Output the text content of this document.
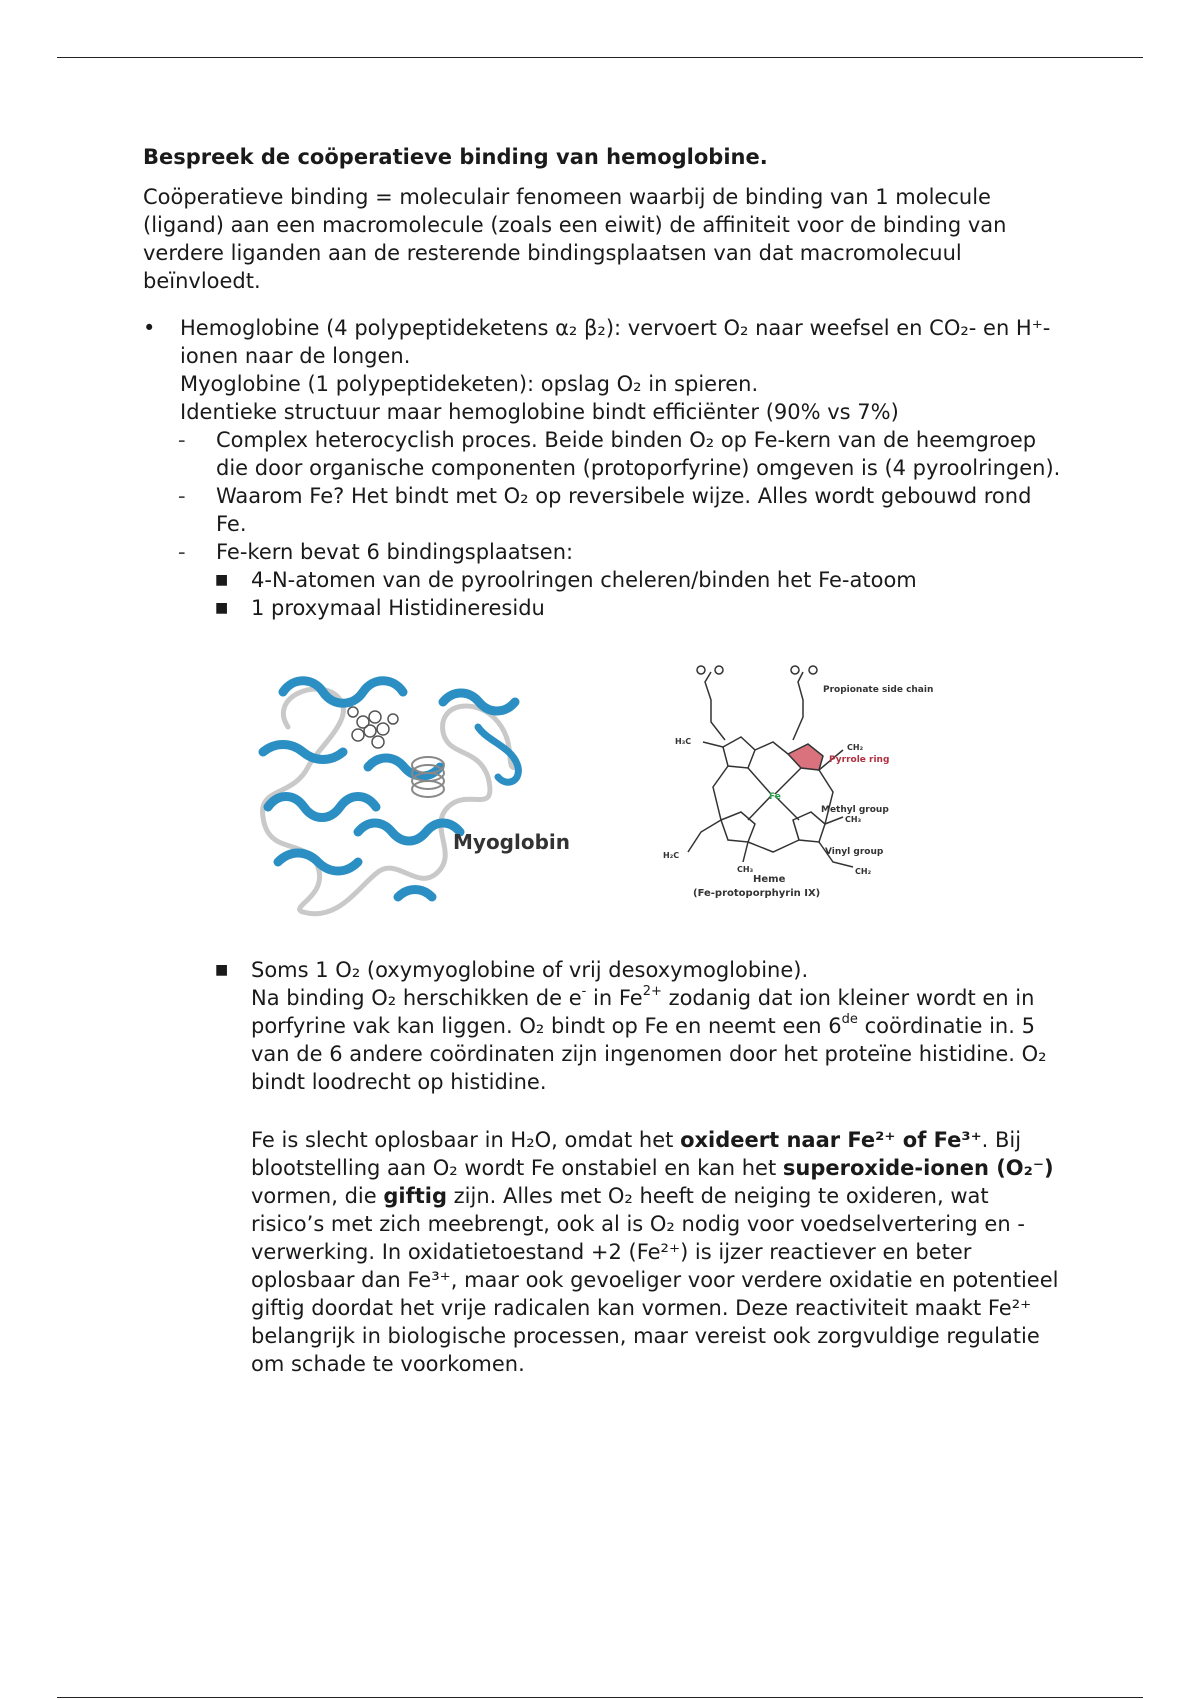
Bespreek de coöperatieve binding van hemoglobine.

Coöperatieve binding = moleculair fenomeen waarbij de binding van 1 molecule (ligand) aan een macromolecule (zoals een eiwit) de affiniteit voor de binding van verdere liganden aan de resterende bindingsplaatsen van dat macromolecuul beïnvloedt.

• Hemoglobine (4 polypeptideketens α₂ β₂): vervoert O₂ naar weefsel en CO₂- en H⁺-ionen naar de longen.
Myoglobine (1 polypeptideketen): opslag O₂ in spieren.
Identieke structuur maar hemoglobine bindt efficiënter (90% vs 7%)
- Complex heterocyclish proces. Beide binden O₂ op Fe-kern van de heemgroep die door organische componenten (protoporfyrine) omgeven is (4 pyroolringen).
- Waarom Fe? Het bindt met O₂ op reversibele wijze. Alles wordt gebouwd rond Fe.
- Fe-kern bevat 6 bindingsplaatsen:
■ 4-N-atomen van de pyroolringen cheleren/binden het Fe-atoom
■ 1 proxymaal Histidineresidu
Myoglobin
Fe
Propionate side chain
Pyrrole ring
Methyl group
Vinyl group
CH₂
CH₃
CH₂
H₃C
H₂C
CH₃
Heme
(Fe-protoporphyrin IX)
■ Soms 1 O₂ (oxymyoglobine of vrij desoxymoglobine).
Na binding O₂ herschikken de e- in $Fe^{2+}$ zodanig dat ion kleiner wordt en in porfyrine vak kan liggen. O₂ bindt op Fe en neemt een 6de coördinatie in. 5 van de 6 andere coördinaten zijn ingenomen door het proteïne histidine. O₂ bindt loodrecht op histidine.
Fe is slecht oplosbaar in H₂O, omdat het oxideert naar Fe²⁺ of Fe³⁺. Bij blootstelling aan O₂ wordt Fe onstabiel en kan het superoxide-ionen (O₂⁻) vormen, die giftig zijn. Alles met O₂ heeft de neiging te oxideren, wat risico’s met zich meebrengt, ook al is O₂ nodig voor voedselvertering en -verwerking. In oxidatietoestand +2 (Fe²⁺) is ijzer reactiever en beter oplosbaar dan Fe³⁺, maar ook gevoeliger voor verdere oxidatie en potentieel giftig doordat het vrije radicalen kan vormen. Deze reactiviteit maakt Fe²⁺ belangrijk in biologische processen, maar vereist ook zorgvuldige regulatie om schade te voorkomen.
